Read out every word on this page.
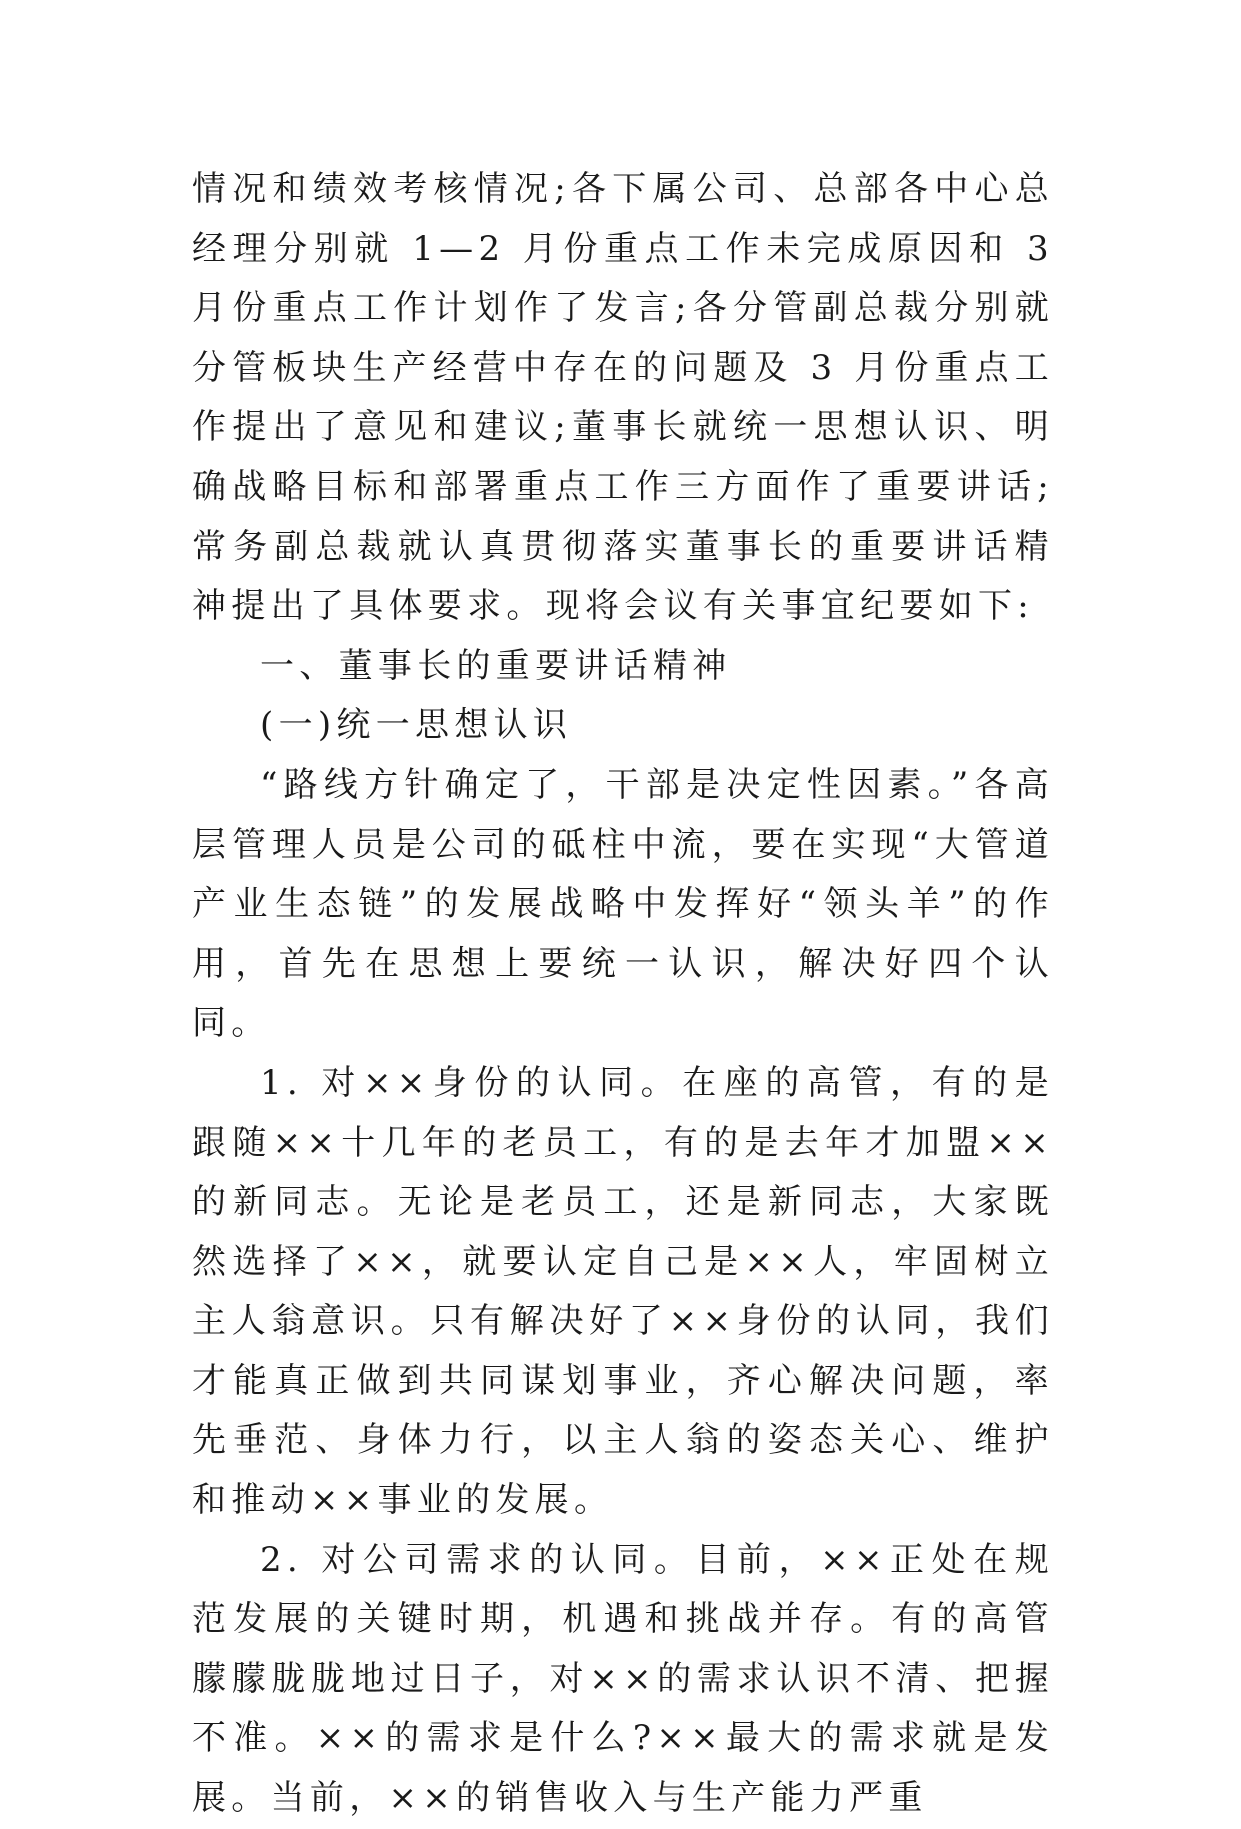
情况和绩效考核情况;各下属公司、总部各中心总经理分别就 1—2 月份重点工作未完成原因和 3 月份重点工作计划作了发言;各分管副总裁分别就分管板块生产经营中存在的问题及 3 月份重点工作提出了意见和建议;董事长就统一思想认识、明确战略目标和部署重点工作三方面作了重要讲话;常务副总裁就认真贯彻落实董事长的重要讲话精神提出了具体要求。现将会议有关事宜纪要如下:

一、董事长的重要讲话精神

(一)统一思想认识

“路线方针确定了，干部是决定性因素。”各高层管理人员是公司的砥柱中流，要在实现“大管道产业生态链”的发展战略中发挥好“领头羊”的作用，首先在思想上要统一认识，解决好四个认同。

1. 对××身份的认同。在座的高管，有的是跟随××十几年的老员工，有的是去年才加盟××的新同志。无论是老员工，还是新同志，大家既然选择了××，就要认定自己是××人，牢固树立主人翁意识。只有解决好了××身份的认同，我们才能真正做到共同谋划事业，齐心解决问题，率先垂范、身体力行，以主人翁的姿态关心、维护和推动××事业的发展。

2. 对公司需求的认同。目前，××正处在规范发展的关键时期，机遇和挑战并存。有的高管朦朦胧胧地过日子，对××的需求认识不清、把握不准。××的需求是什么?××最大的需求就是发展。当前，××的销售收入与生产能力严重
